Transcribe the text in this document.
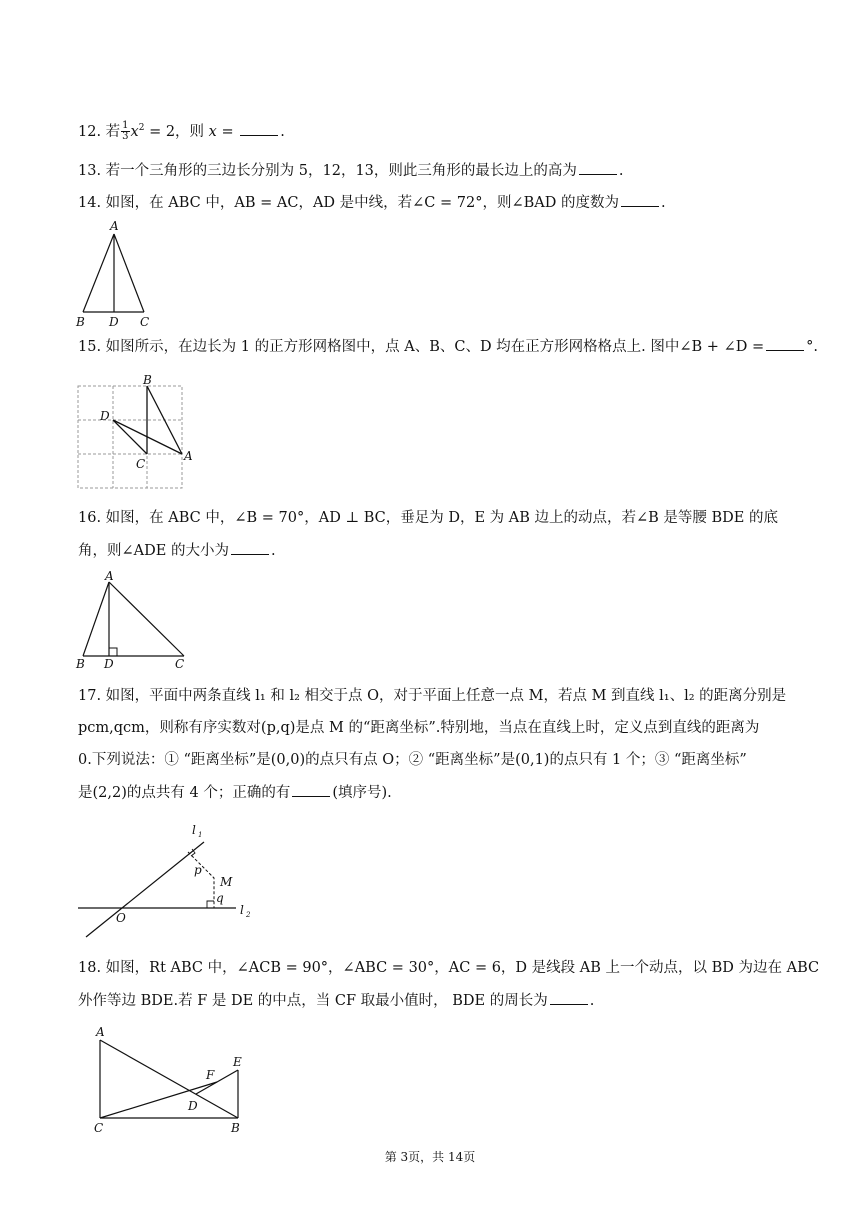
12. 若 $\frac{1}{3} x^2 = 2$，则 x =	.
13. 若一个三角形的三边长分别为 5，12，13，则此三角形的最长边上的高为	.
14. 如图，在 ABC 中，AB = AC，AD 是中线，若∠C = 72°，则∠BAD 的度数为	.
A
B D C
15. 如图所示，在边长为 1 的正方形网格图中，点 A、B、C、D 均在正方形网格格点上. 图中∠B + ∠D =	°.
B
D
C
A
16. 如图，在 ABC 中，∠B = 70°，AD ⊥ BC，垂足为 D，E 为 AB 边上的动点，若∠B 是等腰 BDE 的底
角，则∠ADE 的大小为	.
A
B D	C
17. 如图，平面中两条直线 l₁ 和 l₂ 相交于点 O，对于平面上任意一点 M，若点 M 到直线 l₁、l₂ 的距离分别是
pcm,qcm，则称有序实数对(p,q)是点 M 的“距离坐标”.特别地，当点在直线上时，定义点到直线的距离为
0.下列说法：① “距离坐标”是(0,0)的点只有点 O；② “距离坐标”是(0,1)的点只有 1 个；③ “距离坐标”
是(2,2)的点共有 4 个；正确的有	(填序号).
l 1
p
M
q
O
l 2
18. 如图，Rt ABC 中，∠ACB = 90°，∠ABC = 30°，AC = 6，D 是线段 AB 上一个动点，以 BD 为边在 ABC
外作等边 BDE.若 F 是 DE 的中点，当 CF 取最小值时， BDE 的周长为	.
A
E
F
D
C	B
第 3页，共 14页
